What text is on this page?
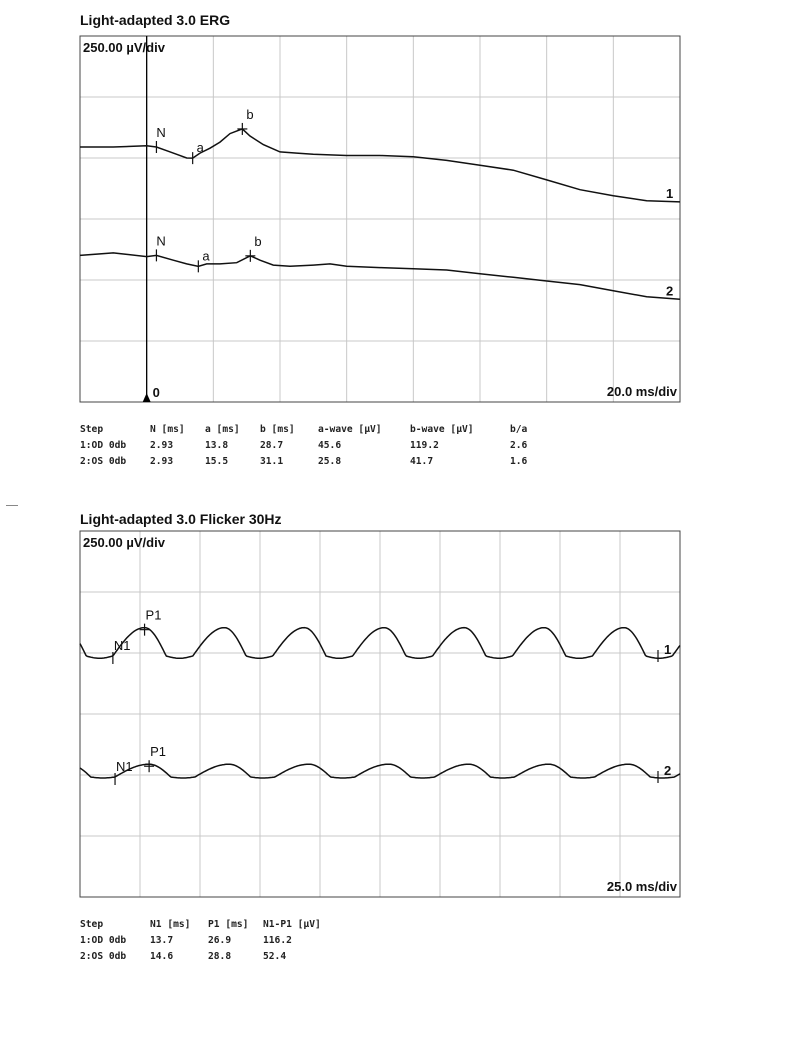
Light-adapted 3.0 ERG
Light-adapted 3.0 Flicker 30Hz
250.00 µV/div
20.0 ms/div
0
1
N
a
b
2
N
a
b
250.00 µV/div
25.0 ms/div
1
N1
P1
2
N1
P1
Step	N [ms] a [ms] b [ms] a-wave [µV]	b-wave [µV]	b/a
1:OD 0db 2.93	13.8	28.7	45.6	119.2	2.6
2:OS 0db 2.93	15.5	31.1	25.8	41.7	1.6
Step	N1 [ms] P1 [ms] N1-P1 [µV]
1:OD 0db 13.7	26.9	116.2
2:OS 0db 14.6	28.8	52.4
